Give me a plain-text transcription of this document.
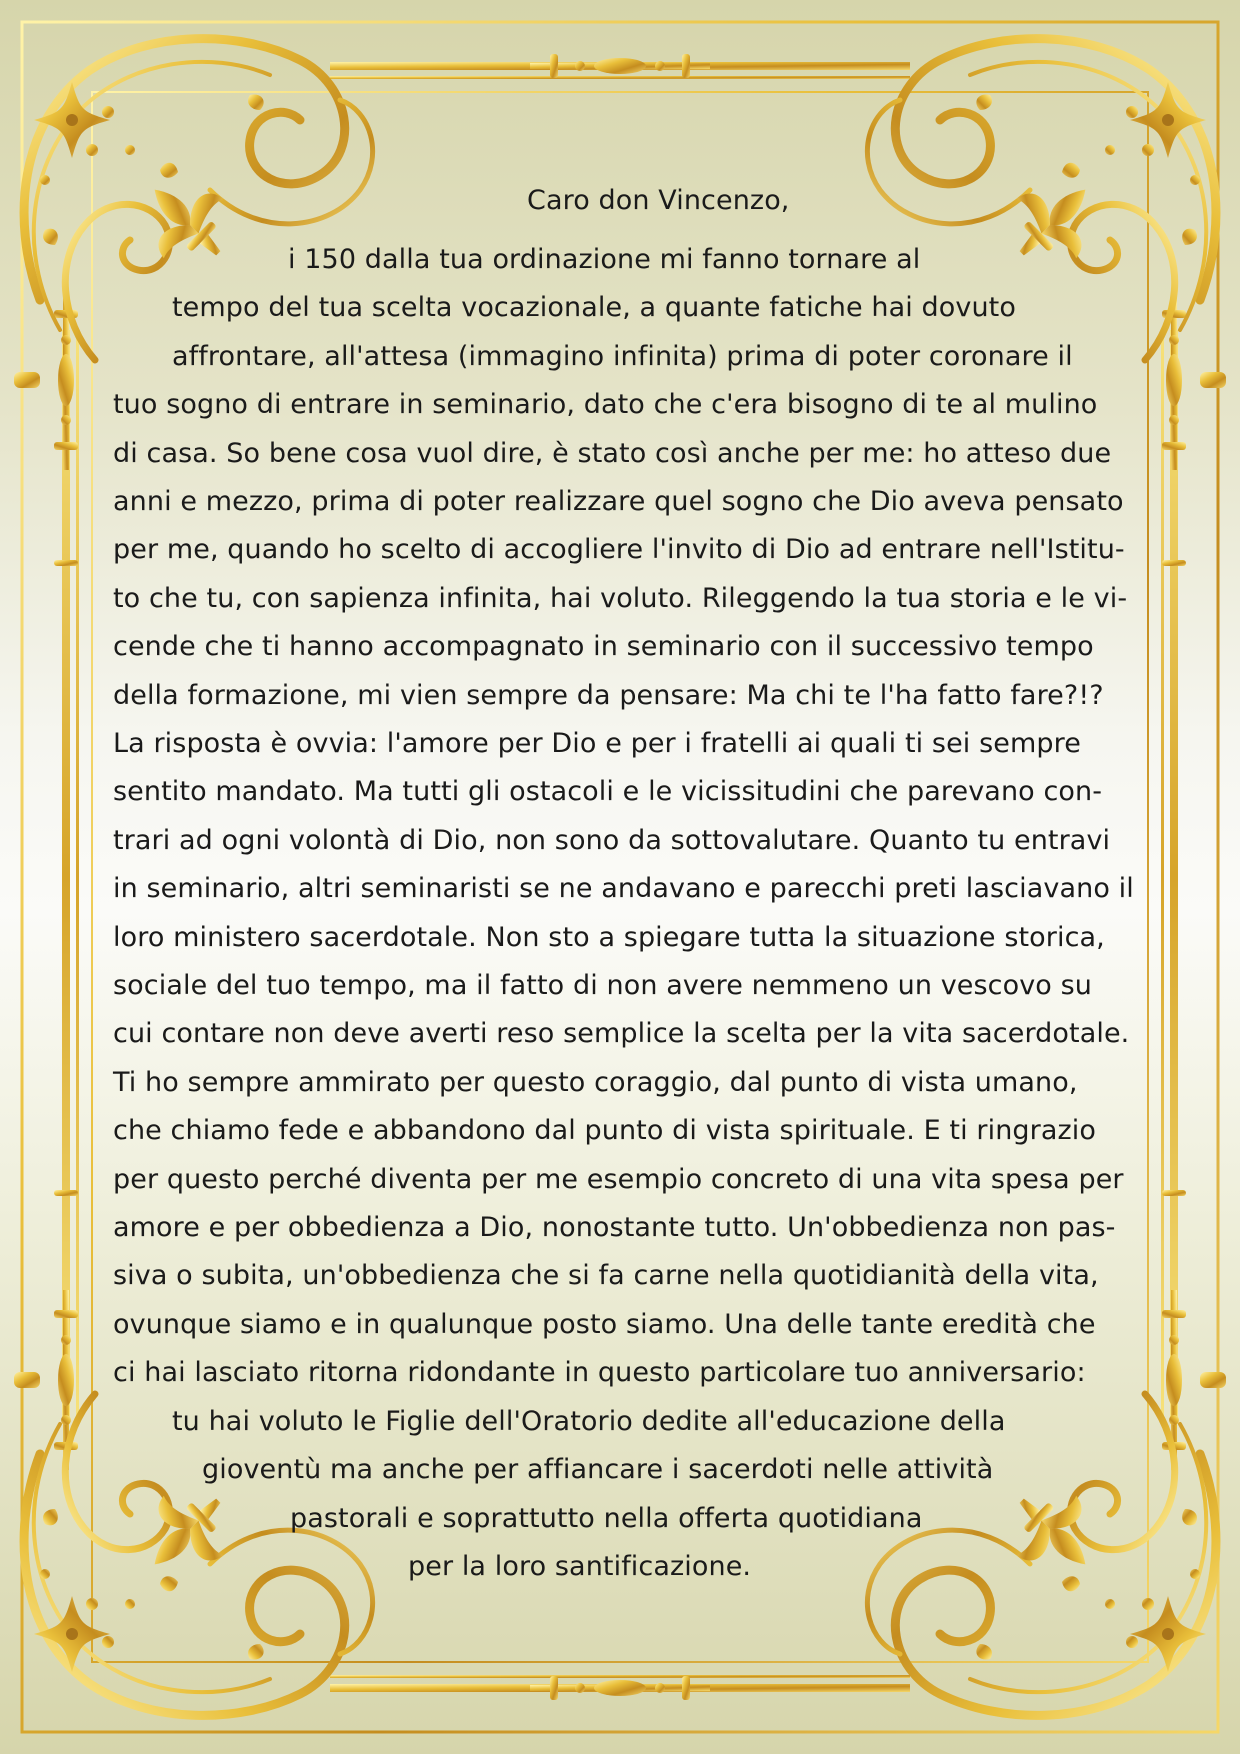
Caro don Vincenzo,
i 150 dalla tua ordinazione mi fanno tornare al
tempo del tua scelta vocazionale, a quante fatiche hai dovuto
affrontare, all'attesa (immagino infinita) prima di poter coronare il
tuo sogno di entrare in seminario, dato che c'era bisogno di te al mulino
di casa. So bene cosa vuol dire, è stato così anche per me: ho atteso due
anni e mezzo, prima di poter realizzare quel sogno che Dio aveva pensato
per me, quando ho scelto di accogliere l'invito di Dio ad entrare nell'Istitu-
to che tu, con sapienza infinita, hai voluto. Rileggendo la tua storia e le vi-
cende che ti hanno accompagnato in seminario con il successivo tempo
della formazione, mi vien sempre da pensare: Ma chi te l'ha fatto fare?!?
La risposta è ovvia: l'amore per Dio e per i fratelli ai quali ti sei sempre
sentito mandato. Ma tutti gli ostacoli e le vicissitudini che parevano con-
trari ad ogni volontà di Dio, non sono da sottovalutare. Quanto tu entravi
in seminario, altri seminaristi se ne andavano e parecchi preti lasciavano il
loro ministero sacerdotale. Non sto a spiegare tutta la situazione storica,
sociale del tuo tempo, ma il fatto di non avere nemmeno un vescovo su
cui contare non deve averti reso semplice la scelta per la vita sacerdotale.
Ti ho sempre ammirato per questo coraggio, dal punto di vista umano,
che chiamo fede e abbandono dal punto di vista spirituale. E ti ringrazio
per questo perché diventa per me esempio concreto di una vita spesa per
amore e per obbedienza a Dio, nonostante tutto. Un'obbedienza non pas-
siva o subita, un'obbedienza che si fa carne nella quotidianità della vita,
ovunque siamo e in qualunque posto siamo. Una delle tante eredità che
ci hai lasciato ritorna ridondante in questo particolare tuo anniversario:
tu hai voluto le Figlie dell'Oratorio dedite all'educazione della
gioventù ma anche per affiancare i sacerdoti nelle attività
pastorali e soprattutto nella offerta quotidiana
per la loro santificazione.
